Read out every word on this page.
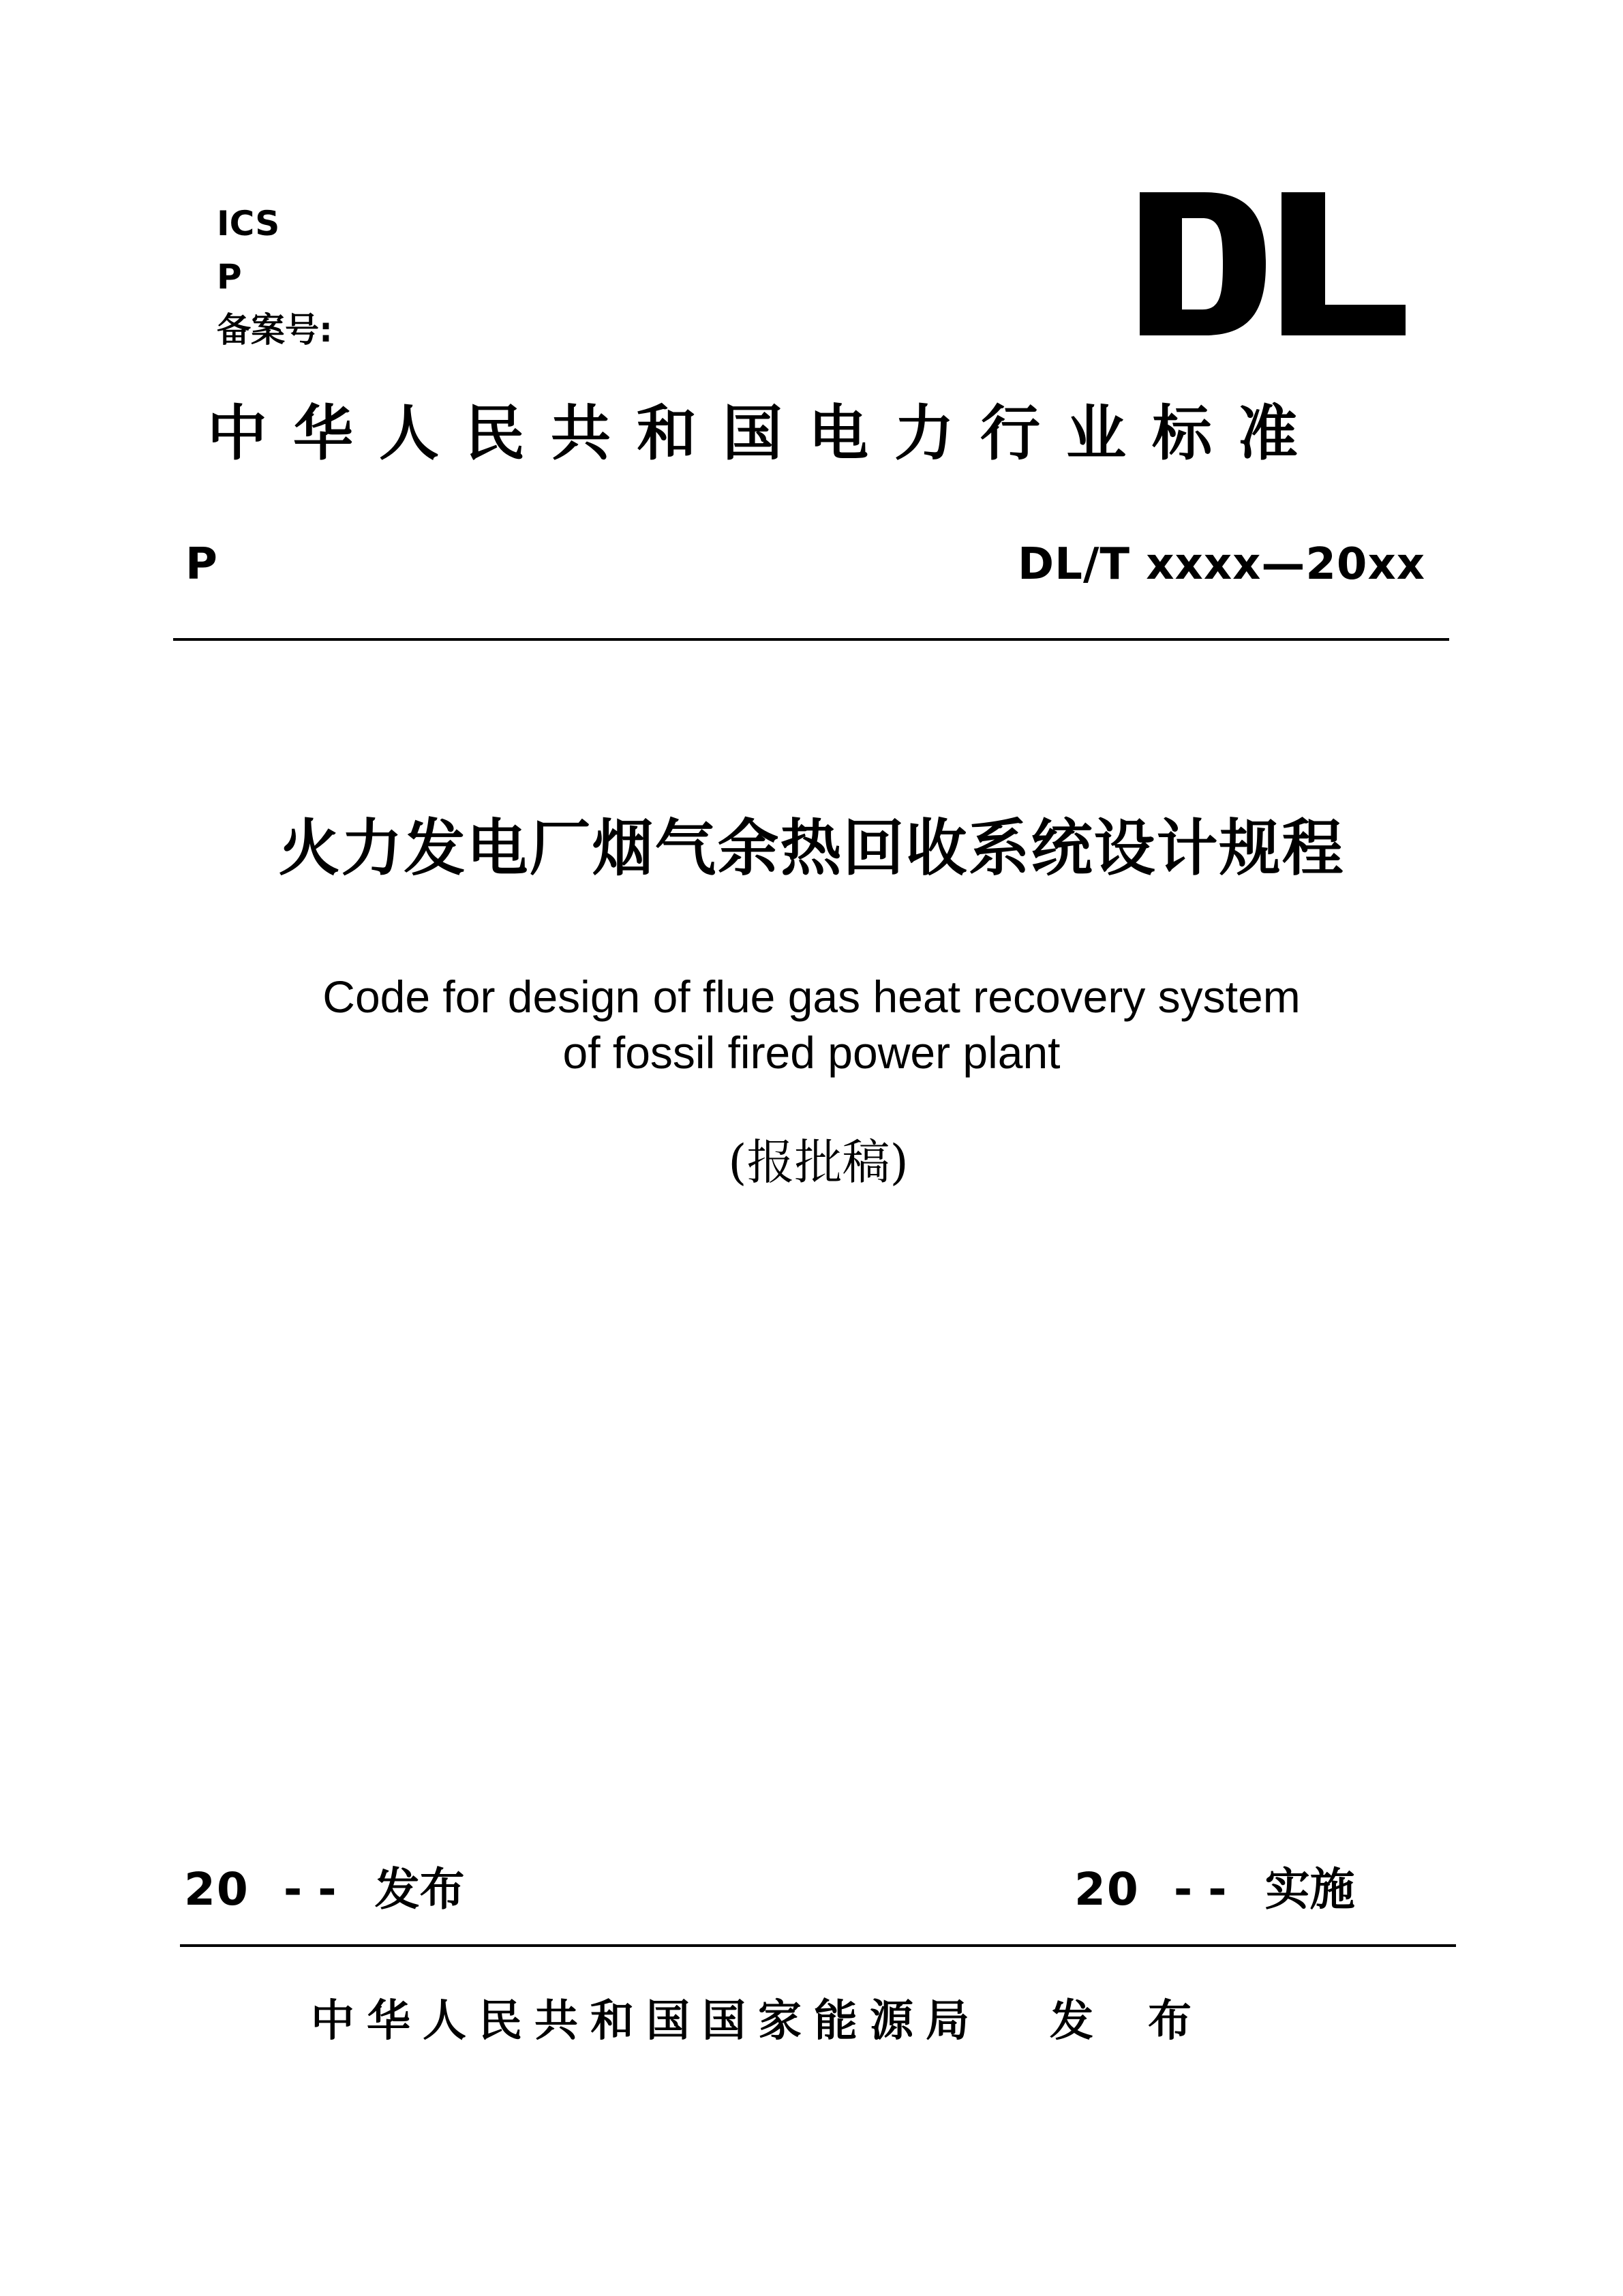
ICS
P
备案号:
中华人民共和国电力行业标准
P	DL/T xxxx—20xx
火力发电厂烟气余热回收系统设计规程
Code for design of flue gas heat recovery system
of fossil fired power plant
(报批稿)
20 - - 发布	20 - - 实施
中华人民共和国国家能源局 发布
